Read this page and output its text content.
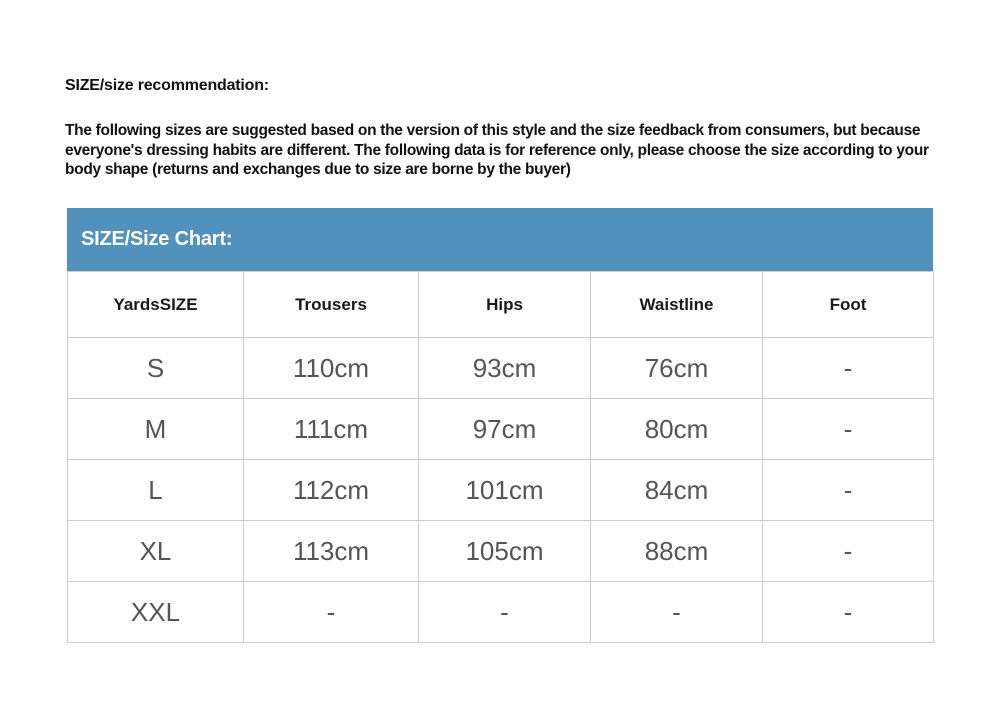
SIZE/size recommendation:

The following sizes are suggested based on the version of this style and the size feedback from consumers, but because everyone's dressing habits are different. The following data is for reference only, please choose the size according to your body shape (returns and exchanges due to size are borne by the buyer)

SIZE/Size Chart:
YardsSIZE	Trousers	Hips	Waistline	Foot
S	110cm	93cm	76cm	-
M	111cm	97cm	80cm	-
L	112cm	101cm	84cm	-
XL	113cm	105cm	88cm	-
XXL	-	-	-	-
